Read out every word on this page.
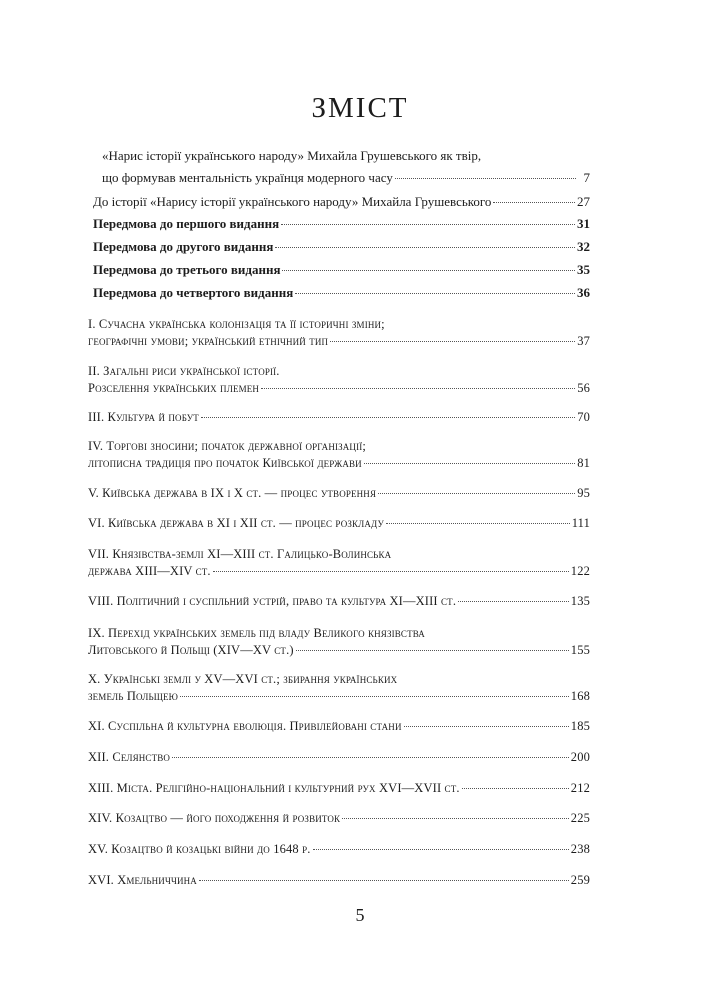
ЗМІСТ
«Нарис історії українського народу» Михайла Грушевського як твір,
що формував ментальність українця модерного часу	7
До історії «Нарису історії українського народу» Михайла Грушевського	27
Передмова до першого видання	31
Передмова до другого видання	32
Передмова до третього видання	35
Передмова до четвертого видання	36
I. Сучасна українська колонізація та її історичні зміни;
географічні умови; український етнічний тип	37
II. Загальні риси української історії.
Розселення українських племен	56
III. Культура й побут	70
IV. Торгові зносини; початок державної організації;
літописна традиція про початок Київської держави	81
V. Київська держава в IX і X ст. — процес утворення	95
VI. Київська держава в XI і XII ст. — процес розкладу	111
VII. Князівства-землі XI—XIII ст. Галицько-Волинська
держава XIII—XIV ст.	122
VIII. Політичний і суспільний устрій, право та культура XI—XIII ст.	135
IX. Перехід українських земель під владу Великого князівства
Литовського й Польщі (XIV—XV ст.)	155
X. Українські землі у XV—XVI ст.; збирання українських
земель Польщею	168
XI. Суспільна й культурна еволюція. Привілейовані стани	185
XII. Селянство	200
XIII. Міста. Релігійно-національний і культурний рух XVI—XVII ст.	212
XIV. Козацтво — його походження й розвиток	225
XV. Козацтво й козацькі війни до 1648 р.	238
XVI. Хмельниччина	259
5
